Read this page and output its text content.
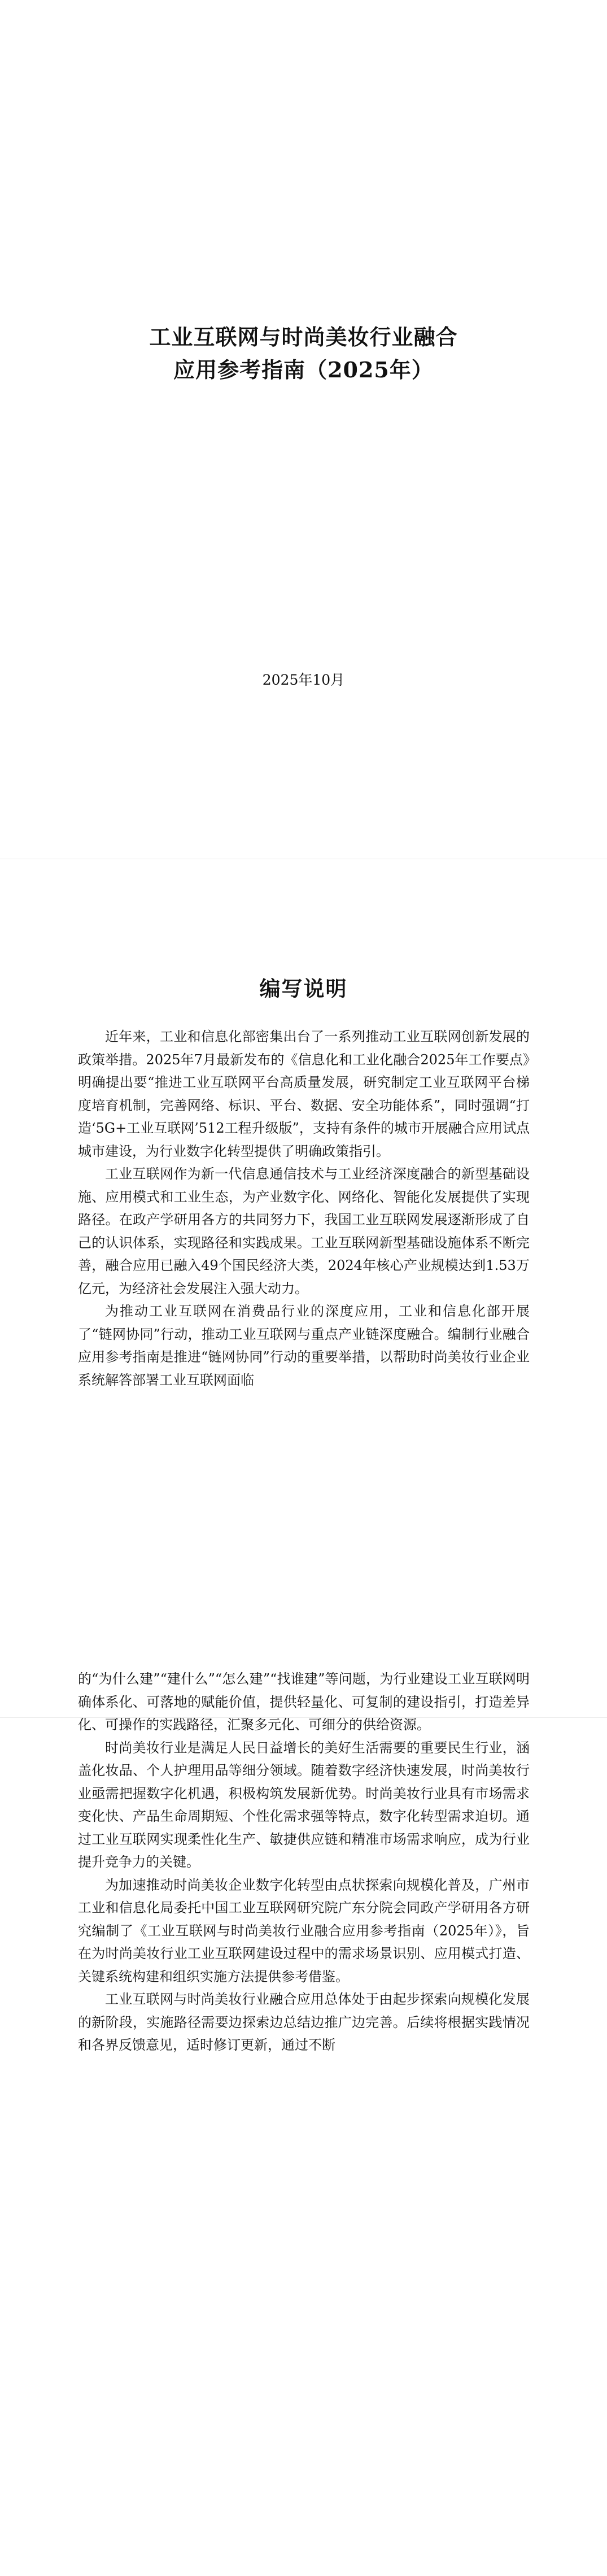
工业互联网与时尚美妆行业融合
应用参考指南（2025年）
2025年10月
编写说明

近年来，工业和信息化部密集出台了一系列推动工业互联网创新发展的政策举措。2025年7月最新发布的《信息化和工业化融合2025年工作要点》明确提出要“推进工业互联网平台高质量发展，研究制定工业互联网平台梯度培育机制，完善网络、标识、平台、数据、安全功能体系”，同时强调“打造‘5G+工业互联网’512工程升级版”，支持有条件的城市开展融合应用试点城市建设，为行业数字化转型提供了明确政策指引。

工业互联网作为新一代信息通信技术与工业经济深度融合的新型基础设施、应用模式和工业生态，为产业数字化、网络化、智能化发展提供了实现路径。在政产学研用各方的共同努力下，我国工业互联网发展逐渐形成了自己的认识体系，实现路径和实践成果。工业互联网新型基础设施体系不断完善，融合应用已融入49个国民经济大类，2024年核心产业规模达到1.53万亿元，为经济社会发展注入强大动力。

为推动工业互联网在消费品行业的深度应用，工业和信息化部开展了“链网协同”行动，推动工业互联网与重点产业链深度融合。编制行业融合应用参考指南是推进“链网协同”行动的重要举措，以帮助时尚美妆行业企业系统解答部署工业互联网面临

的“为什么建”“建什么”“怎么建”“找谁建”等问题，为行业建设工业互联网明确体系化、可落地的赋能价值，提供轻量化、可复制的建设指引，打造差异化、可操作的实践路径，汇聚多元化、可细分的供给资源。

时尚美妆行业是满足人民日益增长的美好生活需要的重要民生行业，涵盖化妆品、个人护理用品等细分领域。随着数字经济快速发展，时尚美妆行业亟需把握数字化机遇，积极构筑发展新优势。时尚美妆行业具有市场需求变化快、产品生命周期短、个性化需求强等特点，数字化转型需求迫切。通过工业互联网实现柔性化生产、敏捷供应链和精准市场需求响应，成为行业提升竞争力的关键。

为加速推动时尚美妆企业数字化转型由点状探索向规模化普及，广州市工业和信息化局委托中国工业互联网研究院广东分院会同政产学研用各方研究编制了《工业互联网与时尚美妆行业融合应用参考指南（2025年）》，旨在为时尚美妆行业工业互联网建设过程中的需求场景识别、应用模式打造、关键系统构建和组织实施方法提供参考借鉴。

工业互联网与时尚美妆行业融合应用总体处于由起步探索向规模化发展的新阶段，实施路径需要边探索边总结边推广边完善。后续将根据实践情况和各界反馈意见，适时修订更新，通过不断
